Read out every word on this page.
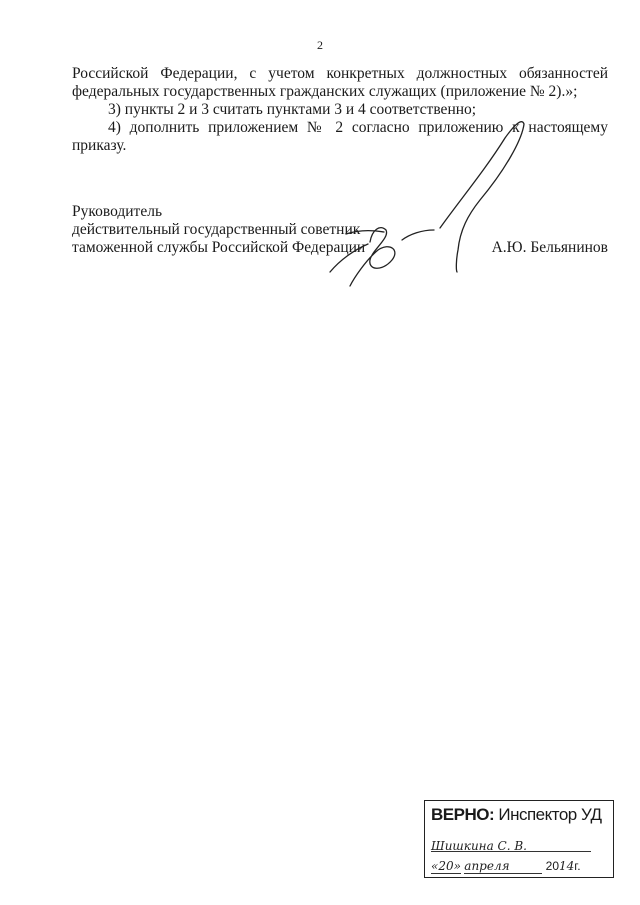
2

Российской Федерации, с учетом конкретных должностных обязанностей федеральных государственных гражданских служащих (приложение № 2).»;

3) пункты 2 и 3 считать пунктами 3 и 4 соответственно;

4) дополнить приложением № 2 согласно приложению к настоящему приказу.

Руководитель
действительный государственный советник
таможенной службы Российской Федерации	А.Ю. Бельянинов
ВЕРНО: Инспектор УД
Шишкина С. В.
«20» апреля	2014г.
